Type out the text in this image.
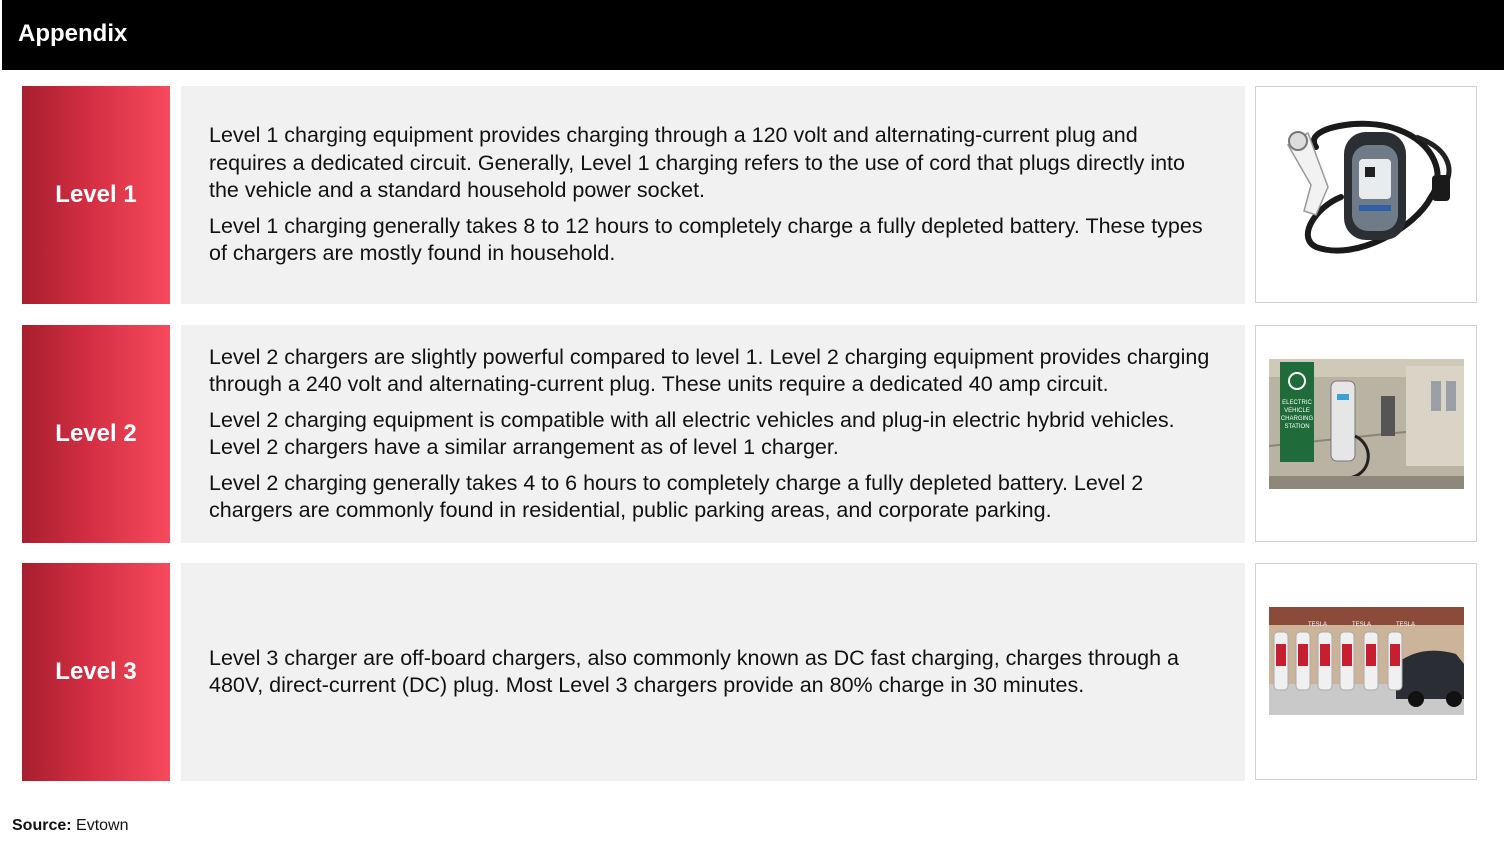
Appendix
Level 1

Level 1 charging equipment provides charging through a 120 volt and alternating-current plug and requires a dedicated circuit. Generally, Level 1 charging refers to the use of cord that plugs directly into the vehicle and a standard household power socket.

Level 1 charging generally takes 8 to 12 hours to completely charge a fully depleted battery. These types of chargers are mostly found in household.

Level 2

Level 2 chargers are slightly powerful compared to level 1. Level 2 charging equipment provides charging through a 240 volt and alternating-current plug. These units require a dedicated 40 amp circuit.

Level 2 charging equipment is compatible with all electric vehicles and plug-in electric hybrid vehicles. Level 2 chargers have a similar arrangement as of level 1 charger.

Level 2 charging generally takes 4 to 6 hours to completely charge a fully depleted battery. Level 2 chargers are commonly found in residential, public parking areas, and corporate parking.

ELECTRIC
VEHICLE
CHARGING
STATION
Level 3

Level 3 charger are off-board chargers, also commonly known as DC fast charging, charges through a 480V, direct-current (DC) plug. Most Level 3 chargers provide an 80% charge in 30 minutes.

TESLA	TESLA	TESLA
Source: Evtown
